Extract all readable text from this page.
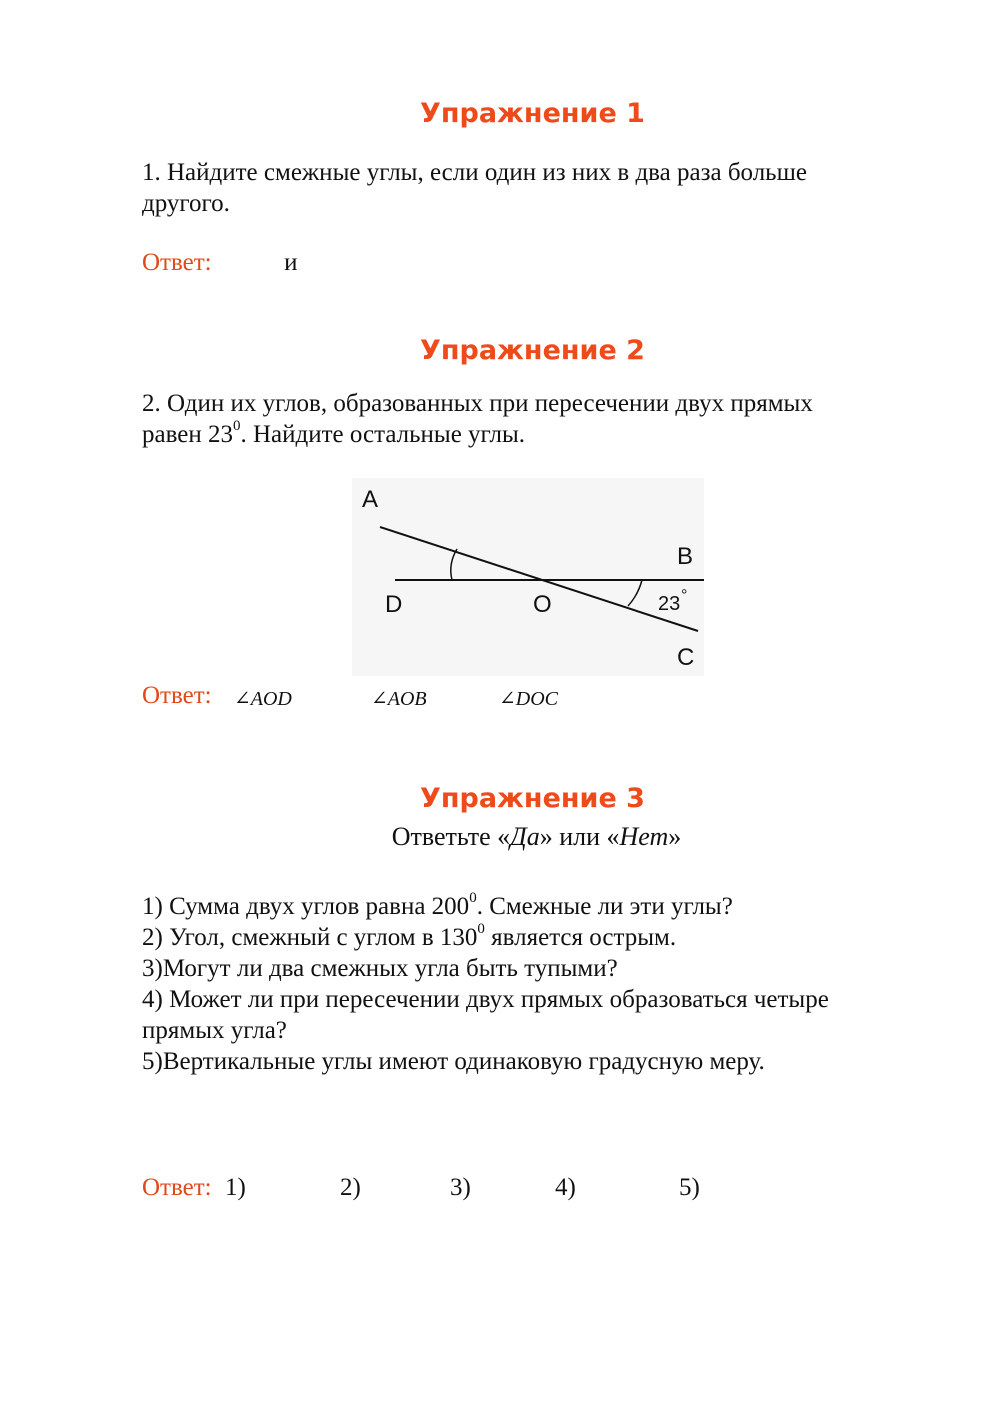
Упражнение 1
1. Найдите смежные углы, если один из них в два раза больше
другого.
Ответ:	и
Упражнение 2
2. Один их углов, образованных при пересечении двух прямых
равен $23^0$. Найдите остальные углы.
A
B
C
D	O	23 °
Ответ:	∠AOD	∠AOB	∠DOC
Упражнение 3
Ответьте «Да» или «Нет»
1) Сумма двух углов равна $200^0$. Смежные ли эти углы?
2) Угол, смежный с углом в $130^0$ является острым.
3)Могут ли два смежных угла быть тупыми?
4) Может ли при пересечении двух прямых образоваться четыре
прямых угла?
5)Вертикальные углы имеют одинаковую градусную меру.
Ответ: 1)	2)	3)	4)	5)
